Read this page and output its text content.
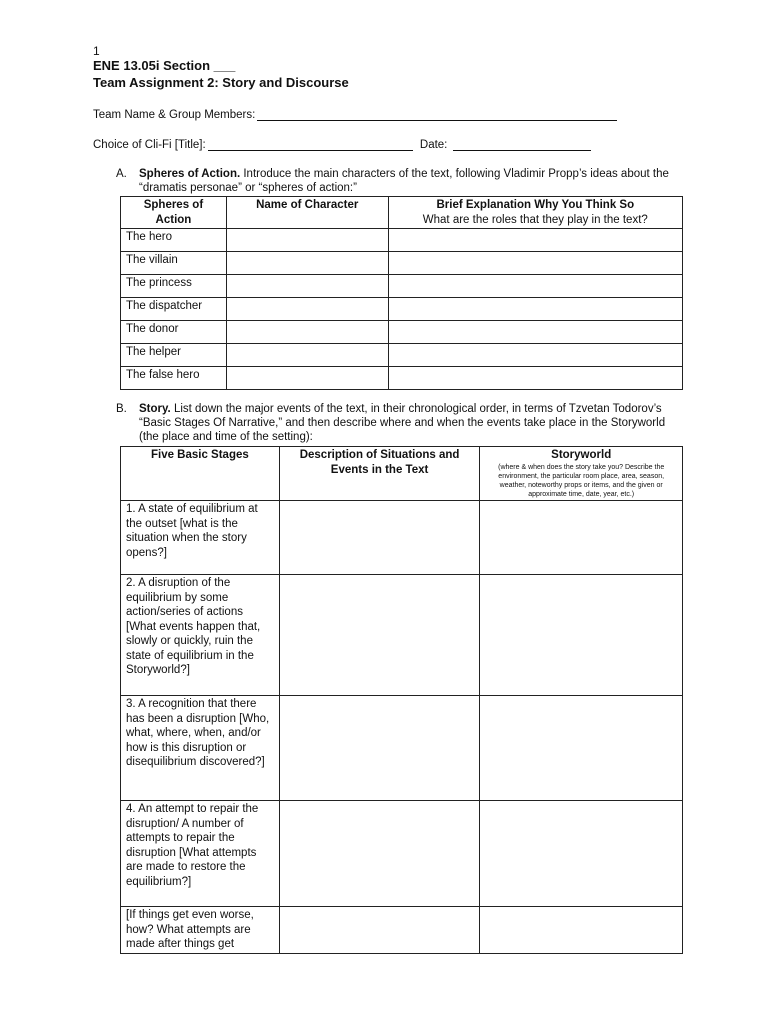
1
ENE 13.05i Section ___
Team Assignment 2: Story and Discourse
Team Name & Group Members:
Choice of Cli-Fi [Title]:	Date:
A. Spheres of Action. Introduce the main characters of the text, following Vladimir Propp’s ideas about the “dramatis personae” or “spheres of action:”
Spheres of Action	Name of Character	Brief Explanation Why You Think So
What are the roles that they play in the text?

The hero		
The villain		
The princess		
The dispatcher		
The donor		
The helper		
The false hero		
B. Story. List down the major events of the text, in their chronological order, in terms of Tzvetan Todorov’s “Basic Stages Of Narrative,” and then describe where and when the events take place in the Storyworld (the place and time of the setting):
Five Basic Stages	Description of Situations and Events in the Text	Storyworld
(where & when does the story take you? Describe the environment, the particular room place, area, season, weather, noteworthy props or items, and the given or approximate time, date, year, etc.)

1. A state of equilibrium at the outset [what is the situation when the story opens?]		
2. A disruption of the equilibrium by some action/series of actions [What events happen that, slowly or quickly, ruin the state of equilibrium in the Storyworld?]		
3. A recognition that there has been a disruption [Who, what, where, when, and/or how is this disruption or disequilibrium discovered?]		
4. An attempt to repair the disruption/ A number of attempts to repair the disruption [What attempts are made to restore the equilibrium?]		
[If things get even worse, how? What attempts are made after things get		
